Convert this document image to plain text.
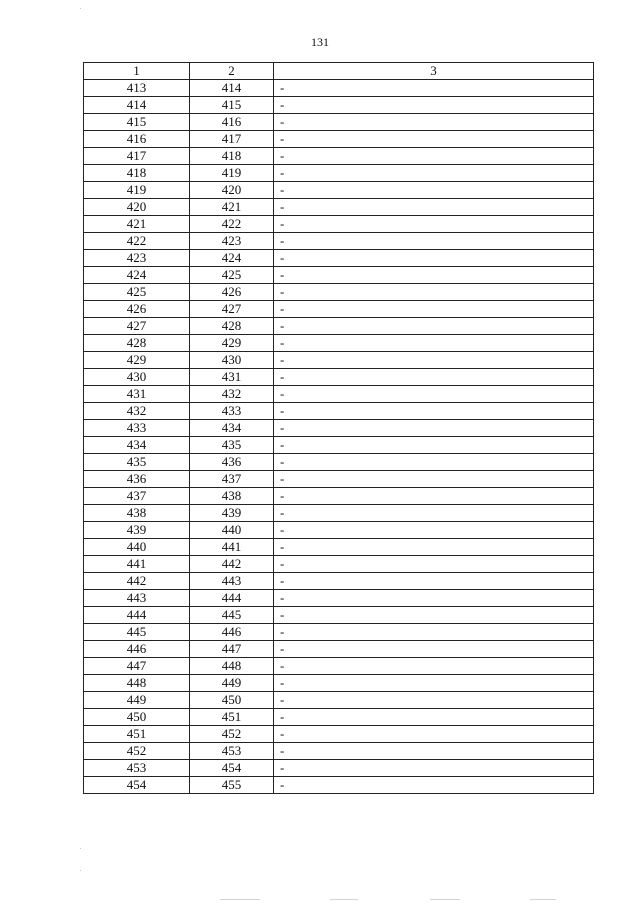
131
1	2	3
413	414	-
414	415	-
415	416	-
416	417	-
417	418	-
418	419	-
419	420	-
420	421	-
421	422	-
422	423	-
423	424	-
424	425	-
425	426	-
426	427	-
427	428	-
428	429	-
429	430	-
430	431	-
431	432	-
432	433	-
433	434	-
434	435	-
435	436	-
436	437	-
437	438	-
438	439	-
439	440	-
440	441	-
441	442	-
442	443	-
443	444	-
444	445	-
445	446	-
446	447	-
447	448	-
448	449	-
449	450	-
450	451	-
451	452	-
452	453	-
453	454	-
454	455	-
